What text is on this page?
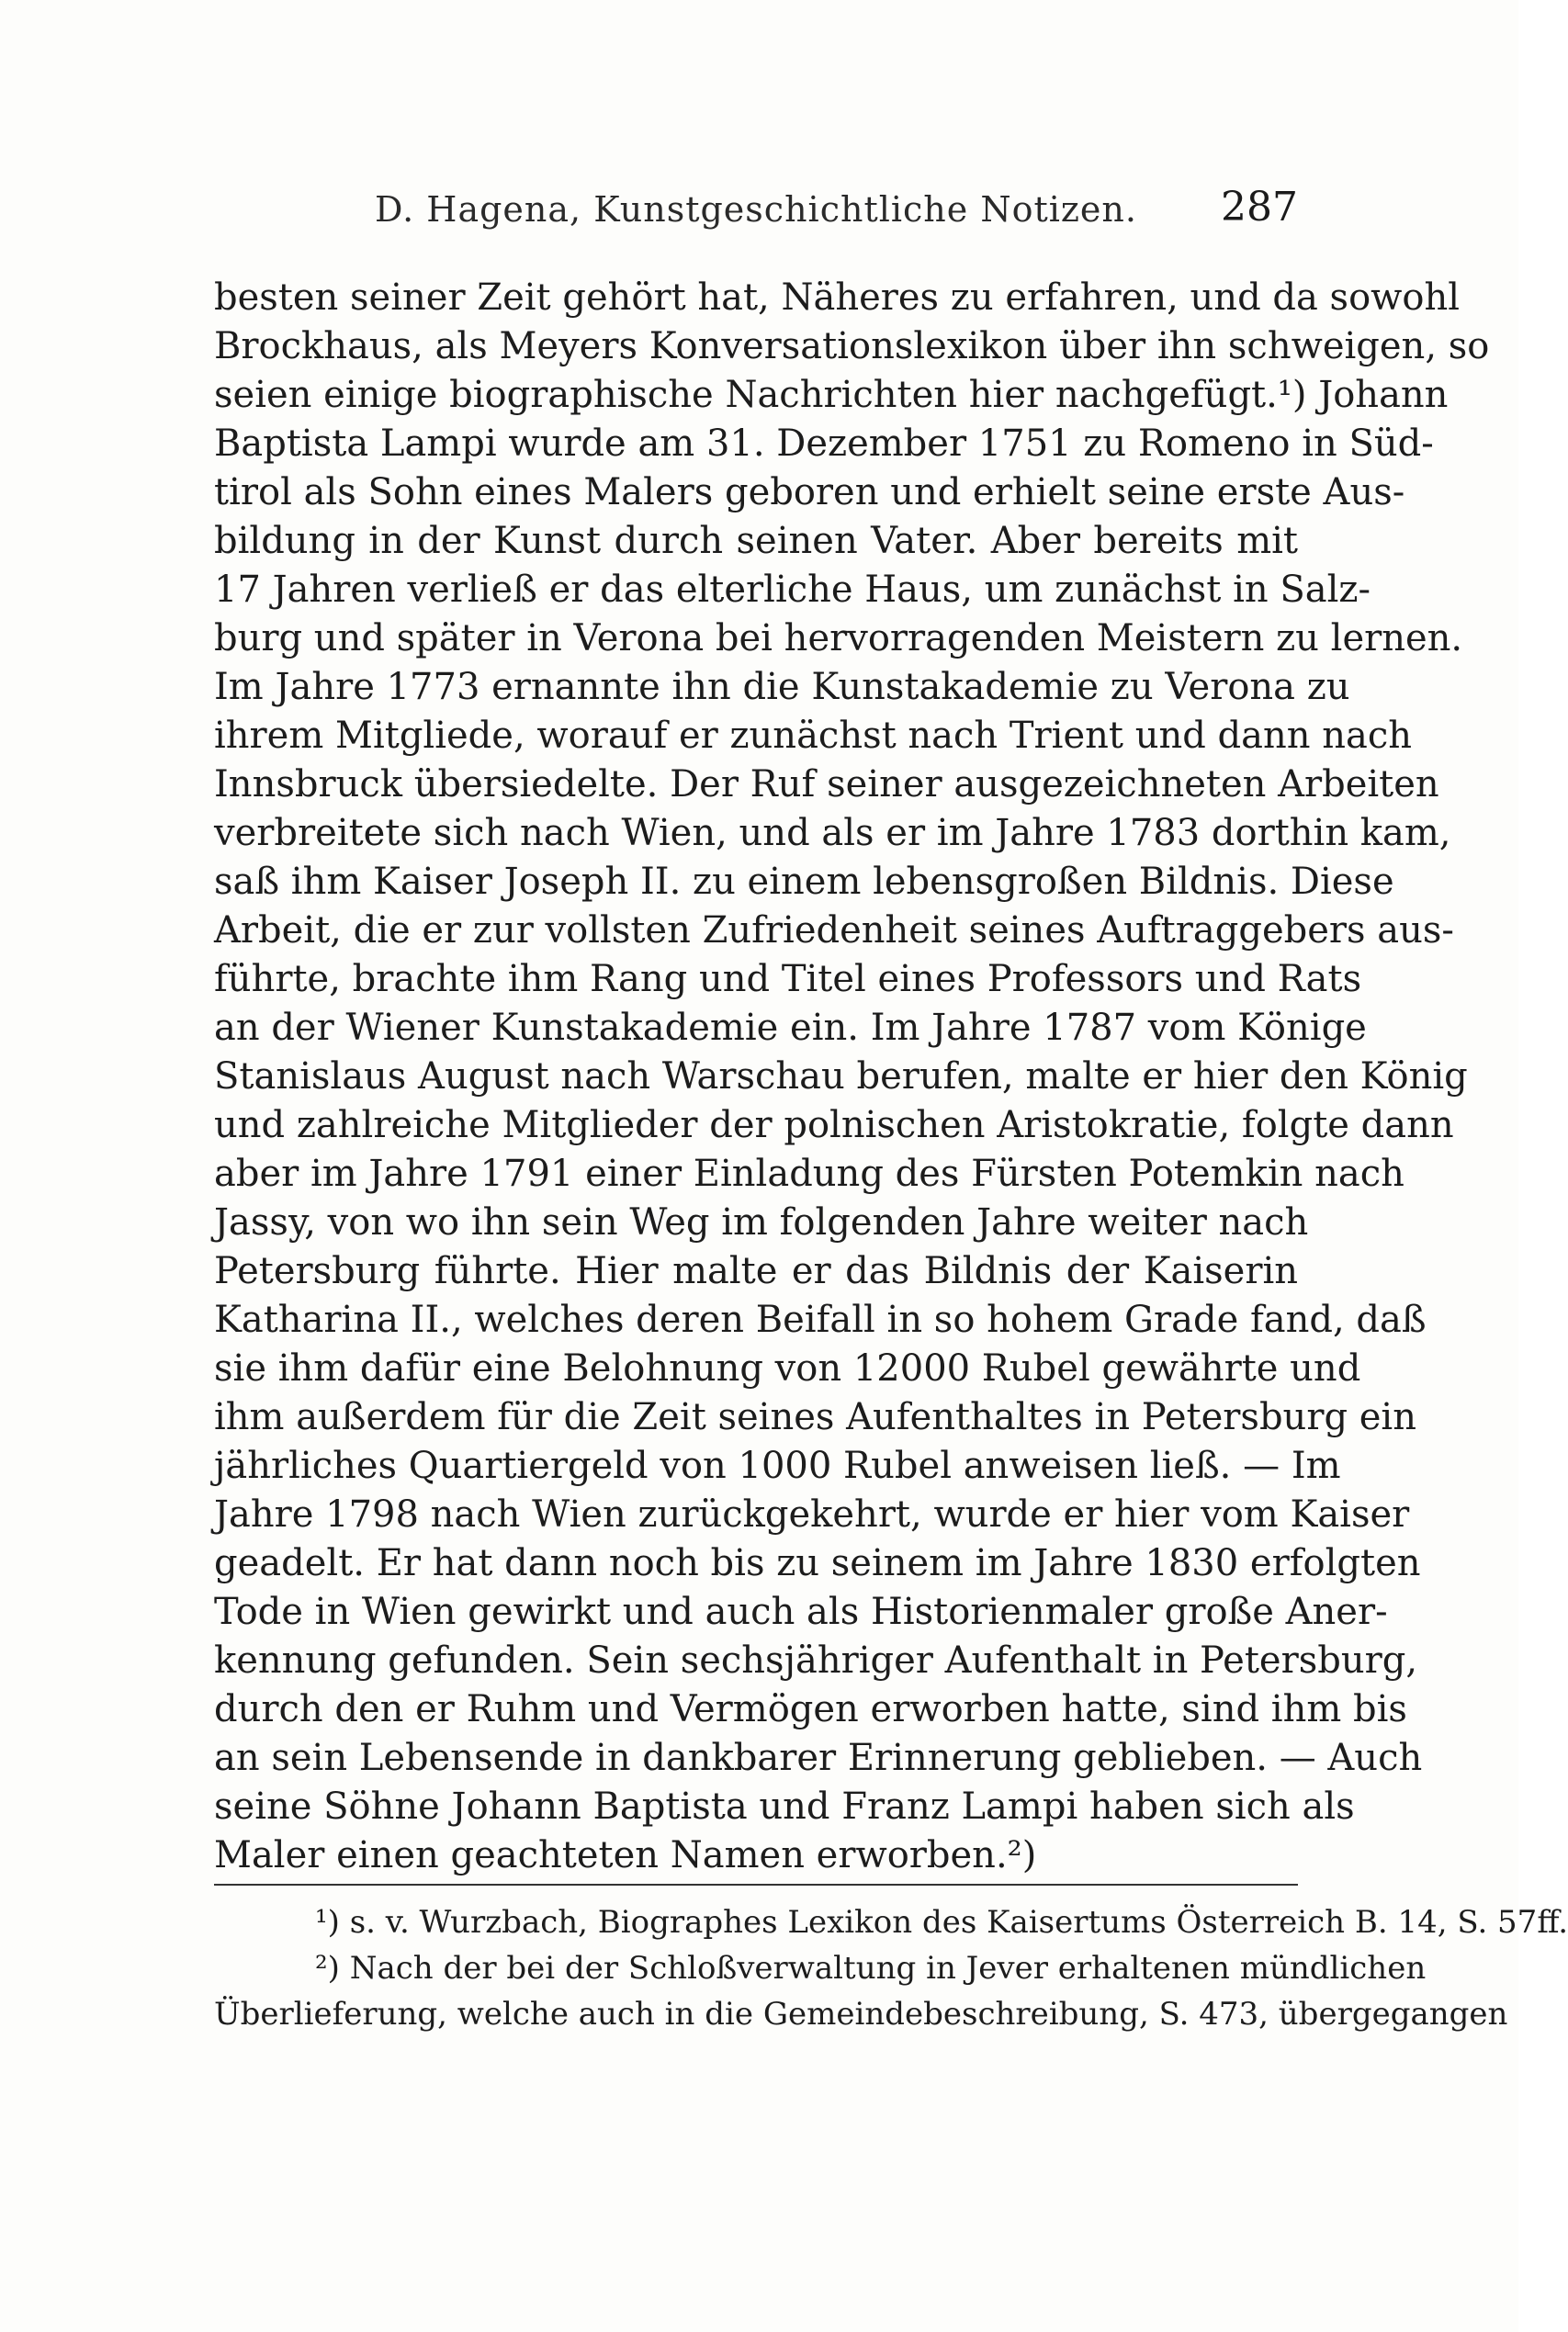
D. Hagena, Kunstgeschichtliche Notizen.	287
besten seiner Zeit gehört hat, Näheres zu erfahren, und da sowohl
Brockhaus, als Meyers Konversationslexikon über ihn schweigen, so
seien einige biographische Nachrichten hier nachgefügt.¹) Johann
Baptista Lampi wurde am 31. Dezember 1751 zu Romeno in Süd-
tirol als Sohn eines Malers geboren und erhielt seine erste Aus-
bildung in der Kunst durch seinen Vater. Aber bereits mit
17 Jahren verließ er das elterliche Haus, um zunächst in Salz-
burg und später in Verona bei hervorragenden Meistern zu lernen.
Im Jahre 1773 ernannte ihn die Kunstakademie zu Verona zu
ihrem Mitgliede, worauf er zunächst nach Trient und dann nach
Innsbruck übersiedelte. Der Ruf seiner ausgezeichneten Arbeiten
verbreitete sich nach Wien, und als er im Jahre 1783 dorthin kam,
saß ihm Kaiser Joseph II. zu einem lebensgroßen Bildnis. Diese
Arbeit, die er zur vollsten Zufriedenheit seines Auftraggebers aus-
führte, brachte ihm Rang und Titel eines Professors und Rats
an der Wiener Kunstakademie ein. Im Jahre 1787 vom Könige
Stanislaus August nach Warschau berufen, malte er hier den König
und zahlreiche Mitglieder der polnischen Aristokratie, folgte dann
aber im Jahre 1791 einer Einladung des Fürsten Potemkin nach
Jassy, von wo ihn sein Weg im folgenden Jahre weiter nach
Petersburg führte. Hier malte er das Bildnis der Kaiserin
Katharina II., welches deren Beifall in so hohem Grade fand, daß
sie ihm dafür eine Belohnung von 12000 Rubel gewährte und
ihm außerdem für die Zeit seines Aufenthaltes in Petersburg ein
jährliches Quartiergeld von 1000 Rubel anweisen ließ. — Im
Jahre 1798 nach Wien zurückgekehrt, wurde er hier vom Kaiser
geadelt. Er hat dann noch bis zu seinem im Jahre 1830 erfolgten
Tode in Wien gewirkt und auch als Historienmaler große Aner-
kennung gefunden. Sein sechsjähriger Aufenthalt in Petersburg,
durch den er Ruhm und Vermögen erworben hatte, sind ihm bis
an sein Lebensende in dankbarer Erinnerung geblieben. — Auch
seine Söhne Johann Baptista und Franz Lampi haben sich als
Maler einen geachteten Namen erworben.²)
¹) s. v. Wurzbach, Biographes Lexikon des Kaisertums Österreich B. 14, S. 57ff.
²) Nach der bei der Schloßverwaltung in Jever erhaltenen mündlichen
Überlieferung, welche auch in die Gemeindebeschreibung, S. 473, übergegangen
